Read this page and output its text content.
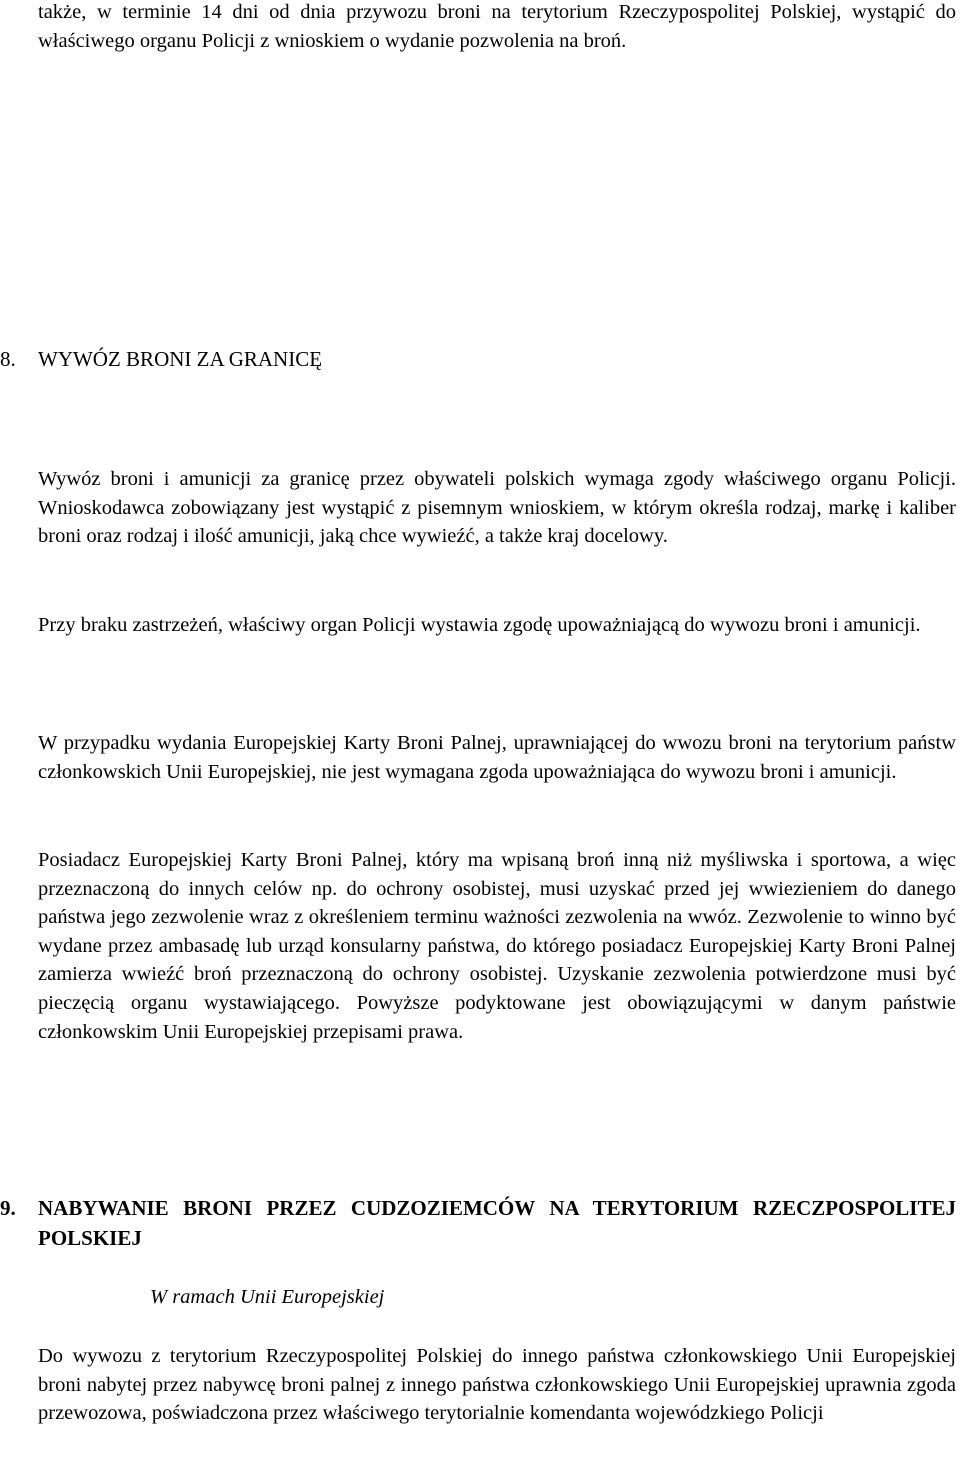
także, w terminie 14 dni od dnia przywozu broni na terytorium Rzeczypospolitej Polskiej, wystąpić do właściwego organu Policji z wnioskiem o wydanie pozwolenia na broń.

8. WYWÓZ BRONI ZA GRANICĘ

Wywóz broni i amunicji za granicę przez obywateli polskich wymaga zgody właściwego organu Policji. Wnioskodawca zobowiązany jest wystąpić z pisemnym wnioskiem, w którym określa rodzaj, markę i kaliber broni oraz rodzaj i ilość amunicji, jaką chce wywieźć, a także kraj docelowy.

Przy braku zastrzeżeń, właściwy organ Policji wystawia zgodę upoważniającą do wywozu broni i amunicji.

W przypadku wydania Europejskiej Karty Broni Palnej, uprawniającej do wwozu broni na terytorium państw członkowskich Unii Europejskiej, nie jest wymagana zgoda upoważniająca do wywozu broni i amunicji.

Posiadacz Europejskiej Karty Broni Palnej, który ma wpisaną broń inną niż myśliwska i sportowa, a więc przeznaczoną do innych celów np. do ochrony osobistej, musi uzyskać przed jej wwiezieniem do danego państwa jego zezwolenie wraz z określeniem terminu ważności zezwolenia na wwóz. Zezwolenie to winno być wydane przez ambasadę lub urząd konsularny państwa, do którego posiadacz Europejskiej Karty Broni Palnej zamierza wwieźć broń przeznaczoną do ochrony osobistej. Uzyskanie zezwolenia potwierdzone musi być pieczęcią organu wystawiającego. Powyższe podyktowane jest obowiązującymi w danym państwie członkowskim Unii Europejskiej przepisami prawa.

9. NABYWANIE BRONI PRZEZ CUDZOZIEMCÓW NA TERYTORIUM RZECZPOSPOLITEJ POLSKIEJ

W ramach Unii Europejskiej

Do wywozu z terytorium Rzeczypospolitej Polskiej do innego państwa członkowskiego Unii Europejskiej broni nabytej przez nabywcę broni palnej z innego państwa członkowskiego Unii Europejskiej uprawnia zgoda przewozowa, poświadczona przez właściwego terytorialnie komendanta wojewódzkiego Policji
